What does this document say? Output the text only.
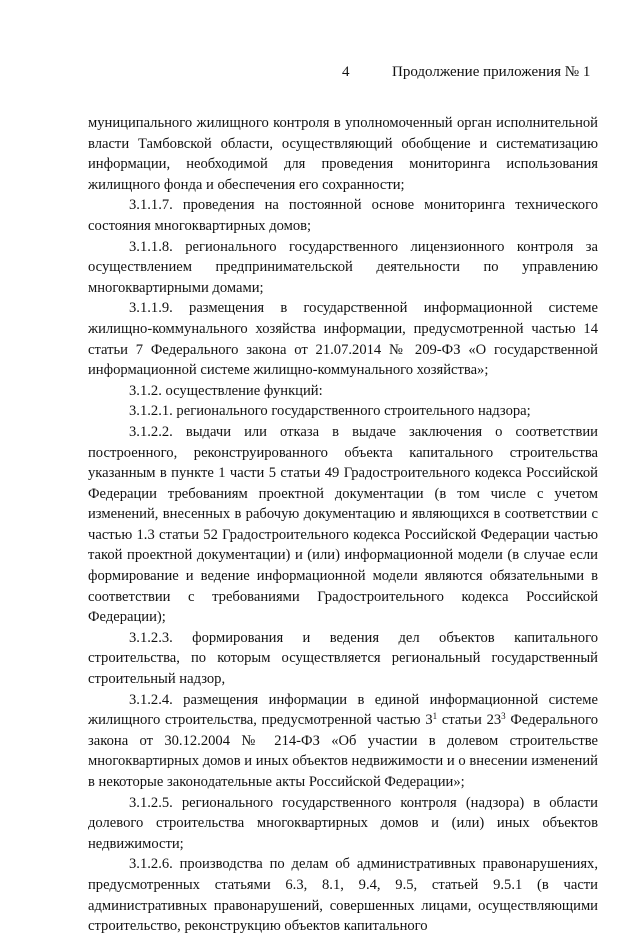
4	Продолжение приложения № 1

муниципального жилищного контроля в уполномоченный орган исполнительной власти Тамбовской области, осуществляющий обобщение и систематизацию информации, необходимой для проведения мониторинга использования жилищного фонда и обеспечения его сохранности;

3.1.1.7. проведения на постоянной основе мониторинга технического состояния многоквартирных домов;

3.1.1.8. регионального государственного лицензионного контроля за осуществлением предпринимательской деятельности по управлению многоквартирными домами;

3.1.1.9. размещения в государственной информационной системе жилищно-коммунального хозяйства информации, предусмотренной частью 14 статьи 7 Федерального закона от 21.07.2014 № 209-ФЗ «О государственной информационной системе жилищно-коммунального хозяйства»;

3.1.2. осуществление функций:

3.1.2.1. регионального государственного строительного надзора;

3.1.2.2. выдачи или отказа в выдаче заключения о соответствии построенного, реконструированного объекта капитального строительства указанным в пункте 1 части 5 статьи 49 Градостроительного кодекса Российской Федерации требованиям проектной документации (в том числе с учетом изменений, внесенных в рабочую документацию и являющихся в соответствии с частью 1.3 статьи 52 Градостроительного кодекса Российской Федерации частью такой проектной документации) и (или) информационной модели (в случае если формирование и ведение информационной модели являются обязательными в соответствии с требованиями Градостроительного кодекса Российской Федерации);

3.1.2.3. формирования и ведения дел объектов капитального строительства, по которым осуществляется региональный государственный строительный надзор,

3.1.2.4. размещения информации в единой информационной системе жилищного строительства, предусмотренной частью $3^1$ статьи $23^3$ Федерального закона от 30.12.2004 № 214-ФЗ «Об участии в долевом строительстве многоквартирных домов и иных объектов недвижимости и о внесении изменений в некоторые законодательные акты Российской Федерации»;

3.1.2.5. регионального государственного контроля (надзора) в области долевого строительства многоквартирных домов и (или) иных объектов недвижимости;

3.1.2.6. производства по делам об административных правонарушениях, предусмотренных статьями 6.3, 8.1, 9.4, 9.5, статьей 9.5.1 (в части административных правонарушений, совершенных лицами, осуществляющими строительство, реконструкцию объектов капитального
